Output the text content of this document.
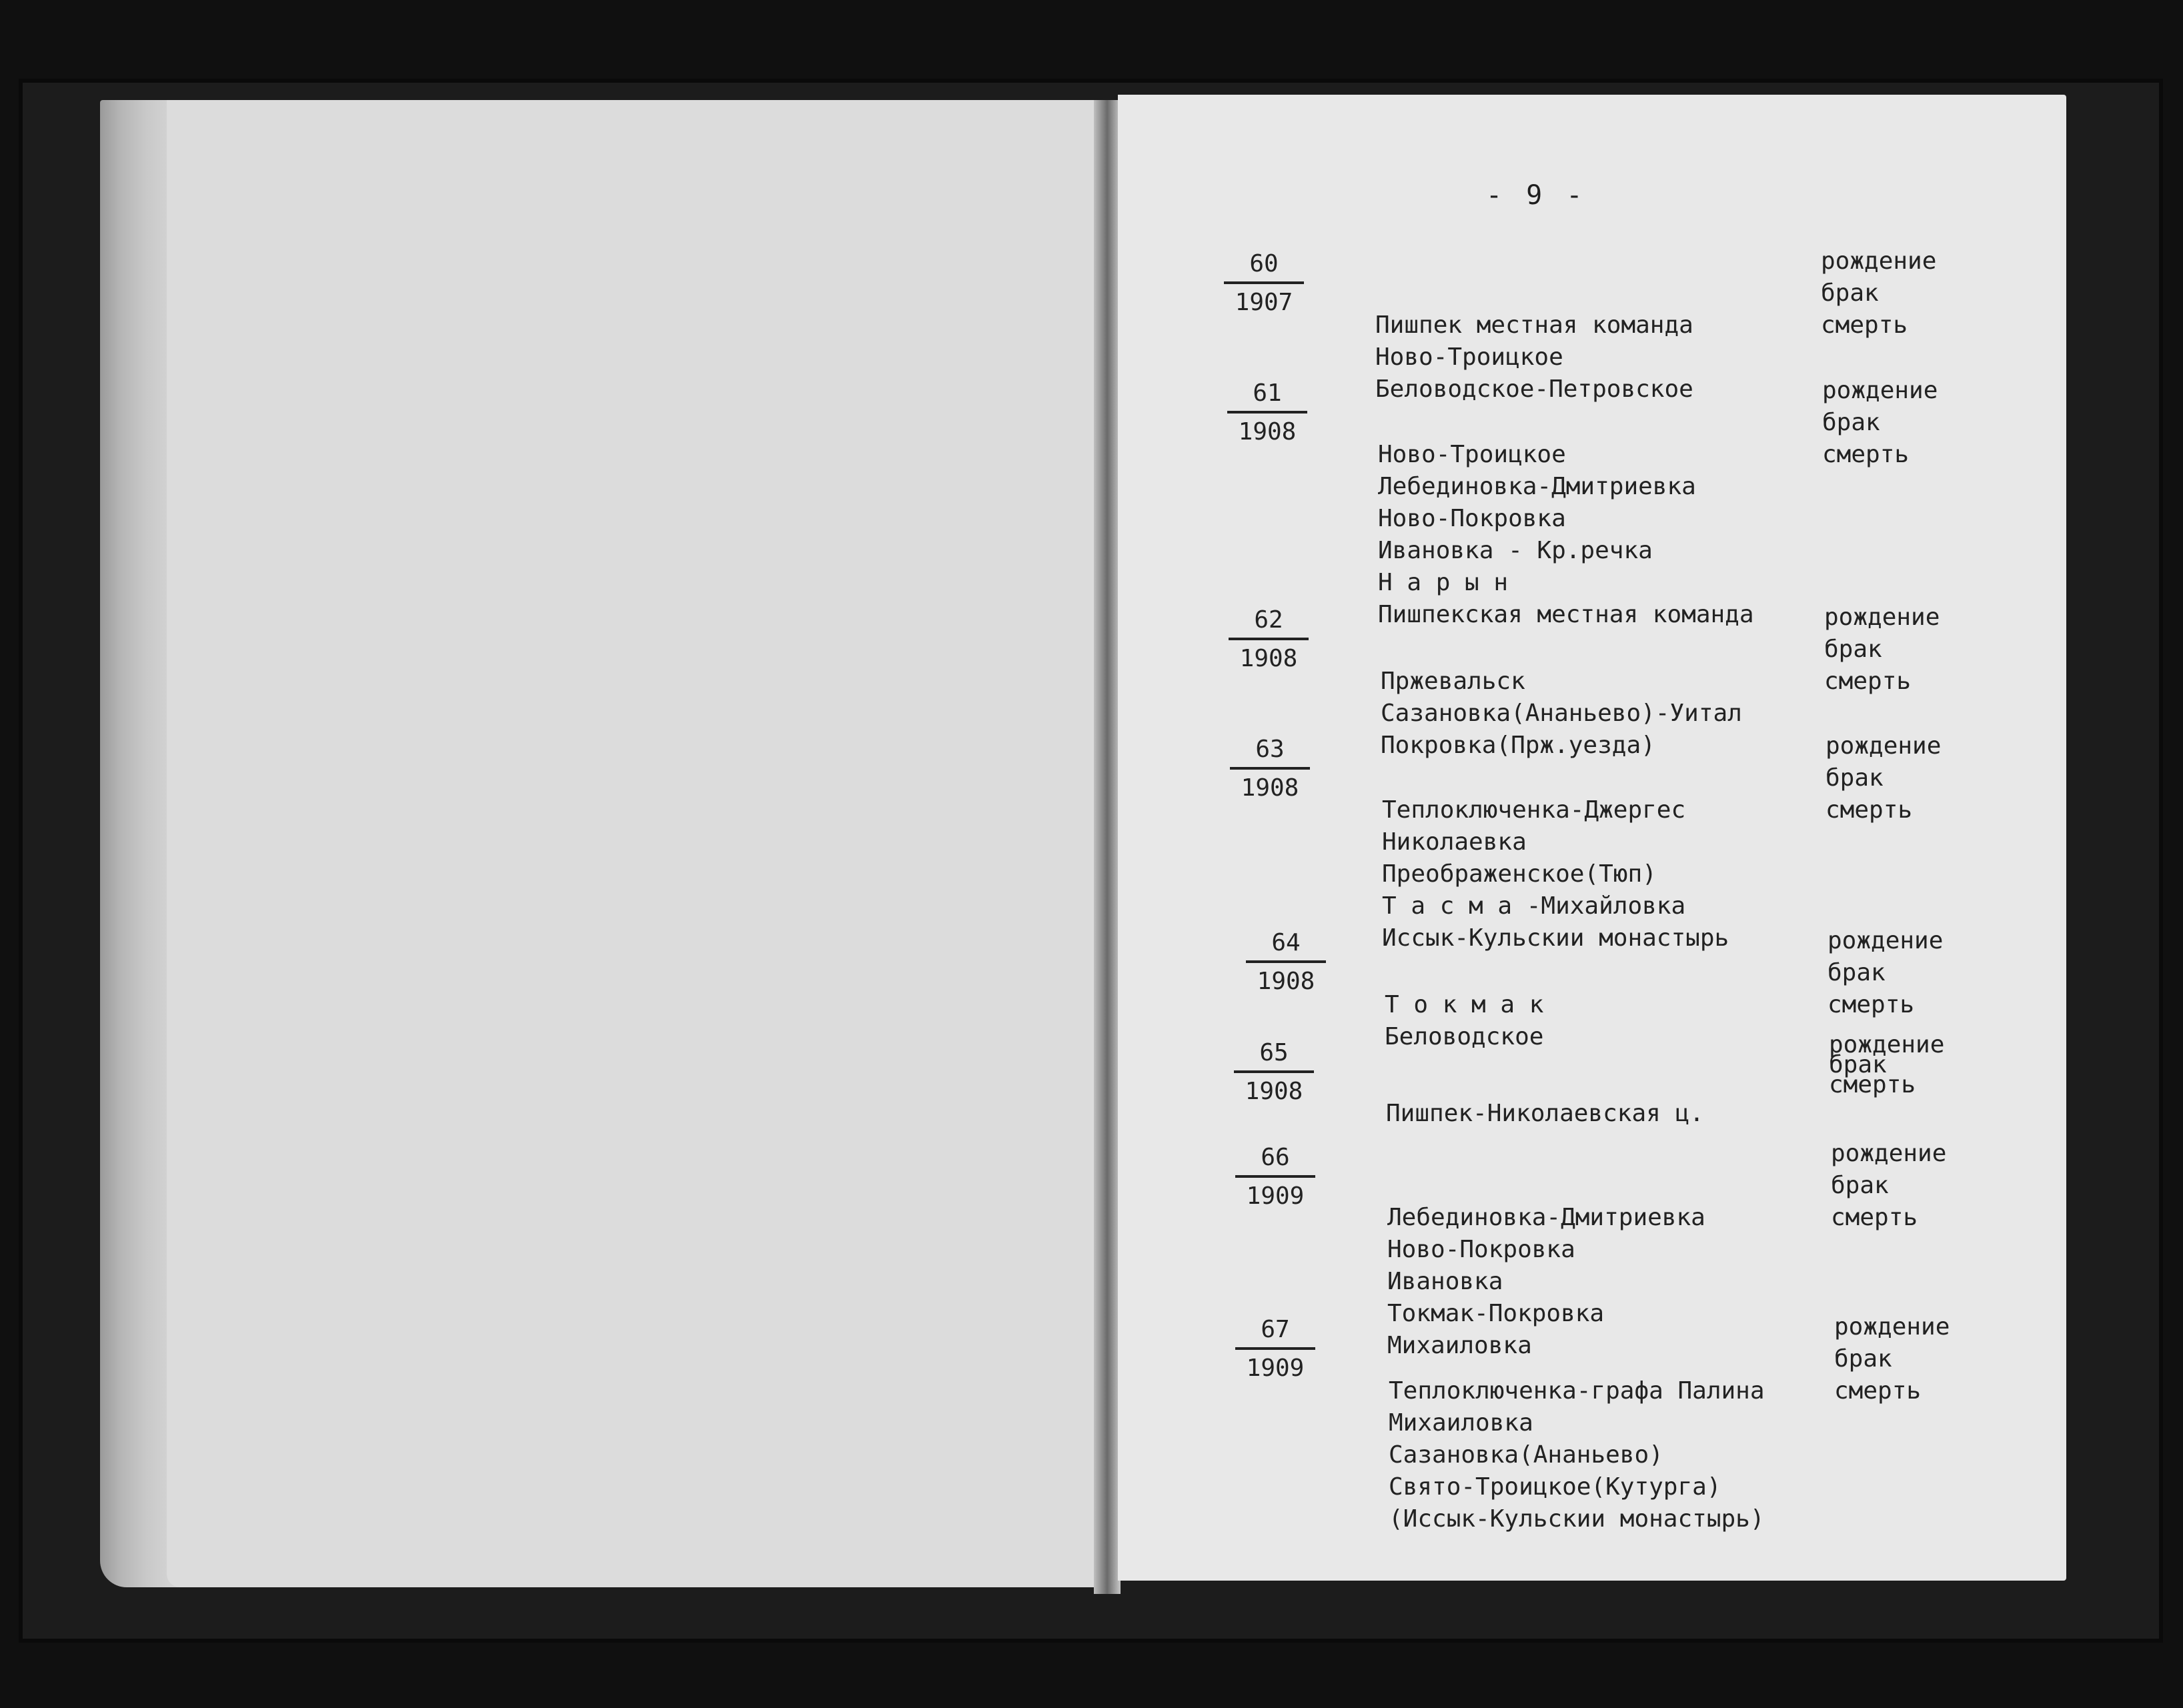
- 9 -
60
1907

Пишпек местная команда
Ново-Троицкое
Беловодское-Петровское

рождение
брак
смерть
61
1908

Ново-Троицкое
Лебединовка-Дмитриевка
Ново-Покровка
Ивановка - Кр.речка
Н а р ы н
Пишпекская местная команда

рождение
брак
смерть
62
1908

Пржевальск
Сазановка(Ананьево)-Уитал
Покровка(Прж.уезда)

рождение
брак
смерть
63
1908

Теплоключенка-Джергес
Николаевка
Преображенское(Тюп)
Т а с м а -Михайловка
Иссык-Кульскии монастырь

рождение
брак
смерть
64
1908

Т о к м а к
Беловодское

рождение
брак
смерть
65
1908

Пишпек-Николаевская ц.

рождение
брак
смерть
66
1909

Лебединовка-Дмитриевка
Ново-Покровка
Ивановка
Токмак-Покровка
Михаиловка

рождение
брак
смерть
67
1909

Теплоключенка-графа Палина
Михаиловка
Сазановка(Ананьево)
Свято-Троицкое(Кутурга)
(Иссык-Кульскии монастырь)

рождение
брак
смерть
